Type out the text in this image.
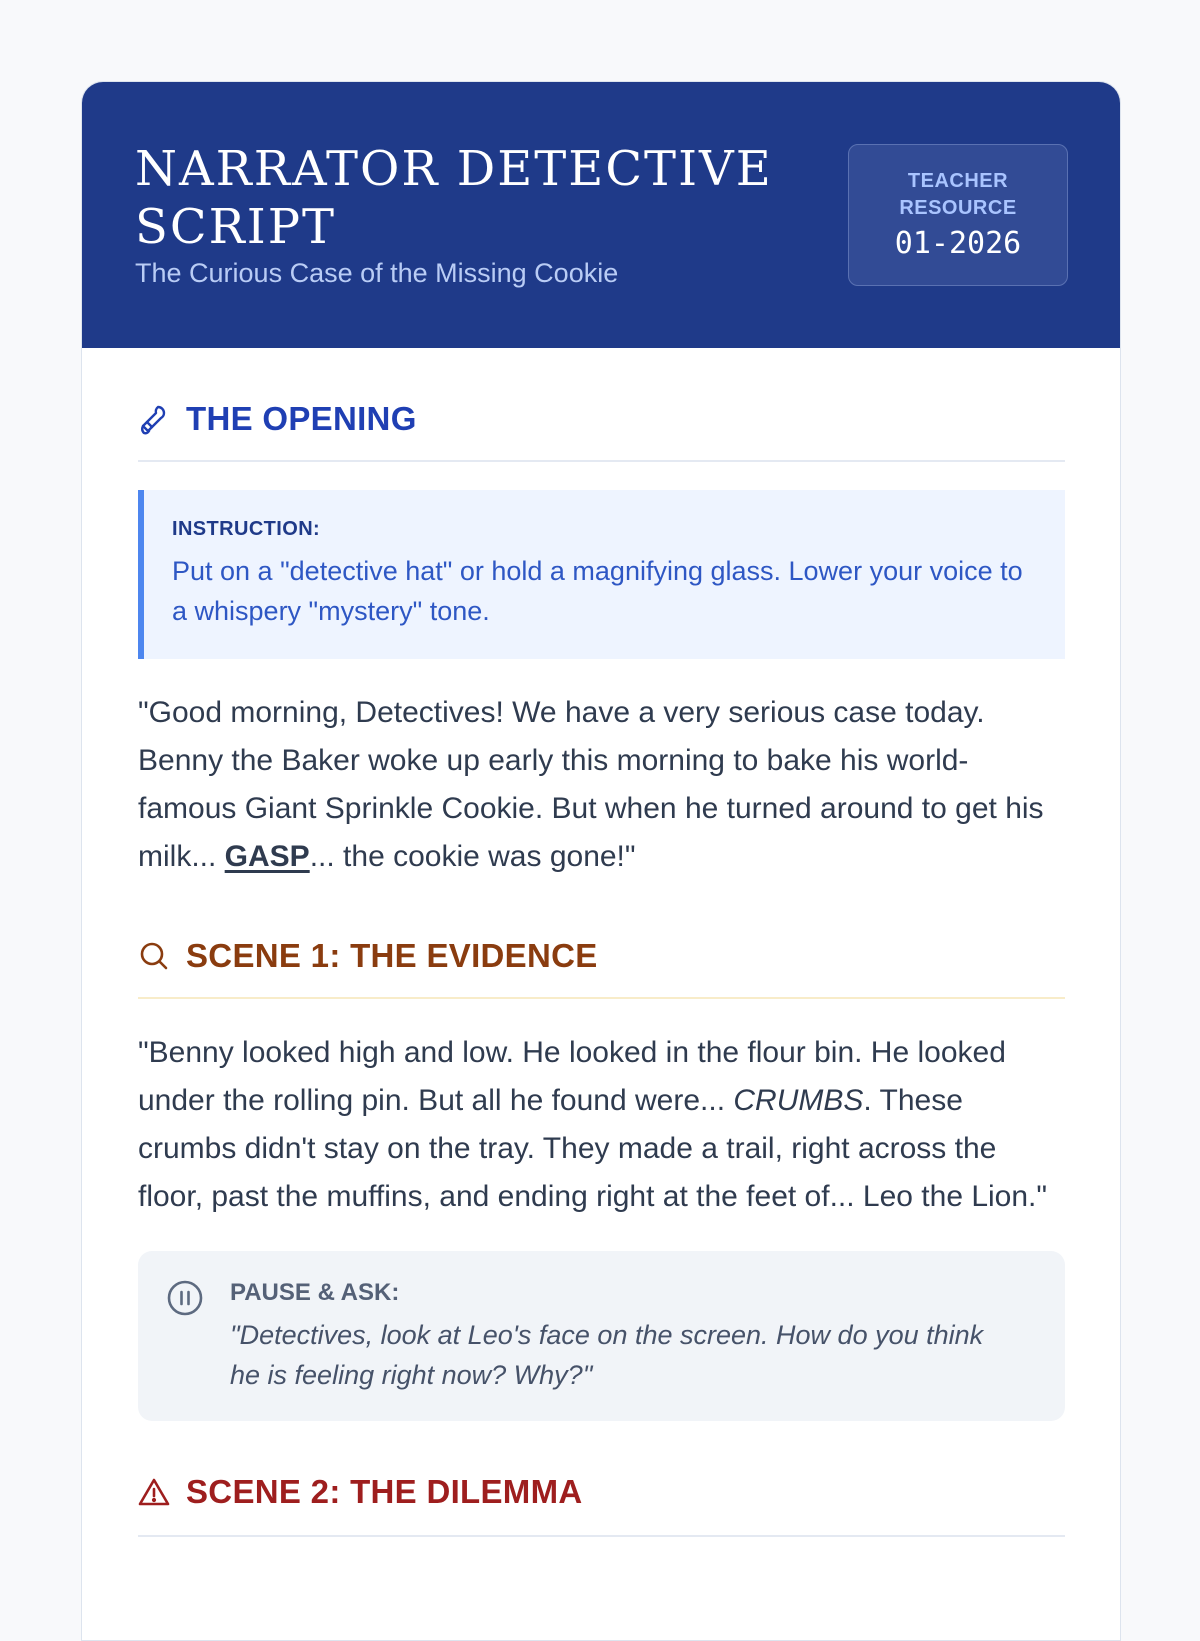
NARRATOR DETECTIVE SCRIPT
The Curious Case of the Missing Cookie
TEACHER RESOURCE
01-2026
THE OPENING
INSTRUCTION:
Put on a "detective hat" or hold a magnifying glass. Lower your voice to a whispery "mystery" tone.

"Good morning, Detectives! We have a very serious case today. Benny the Baker woke up early this morning to bake his world-famous Giant Sprinkle Cookie. But when he turned around to get his milk... GASP... the cookie was gone!"

SCENE 1: THE EVIDENCE

"Benny looked high and low. He looked in the flour bin. He looked under the rolling pin. But all he found were... CRUMBS. These crumbs didn't stay on the tray. They made a trail, right across the floor, past the muffins, and ending right at the feet of... Leo the Lion."

PAUSE & ASK:
"Detectives, look at Leo's face on the screen. How do you think he is feeling right now? Why?"
SCENE 2: THE DILEMMA
